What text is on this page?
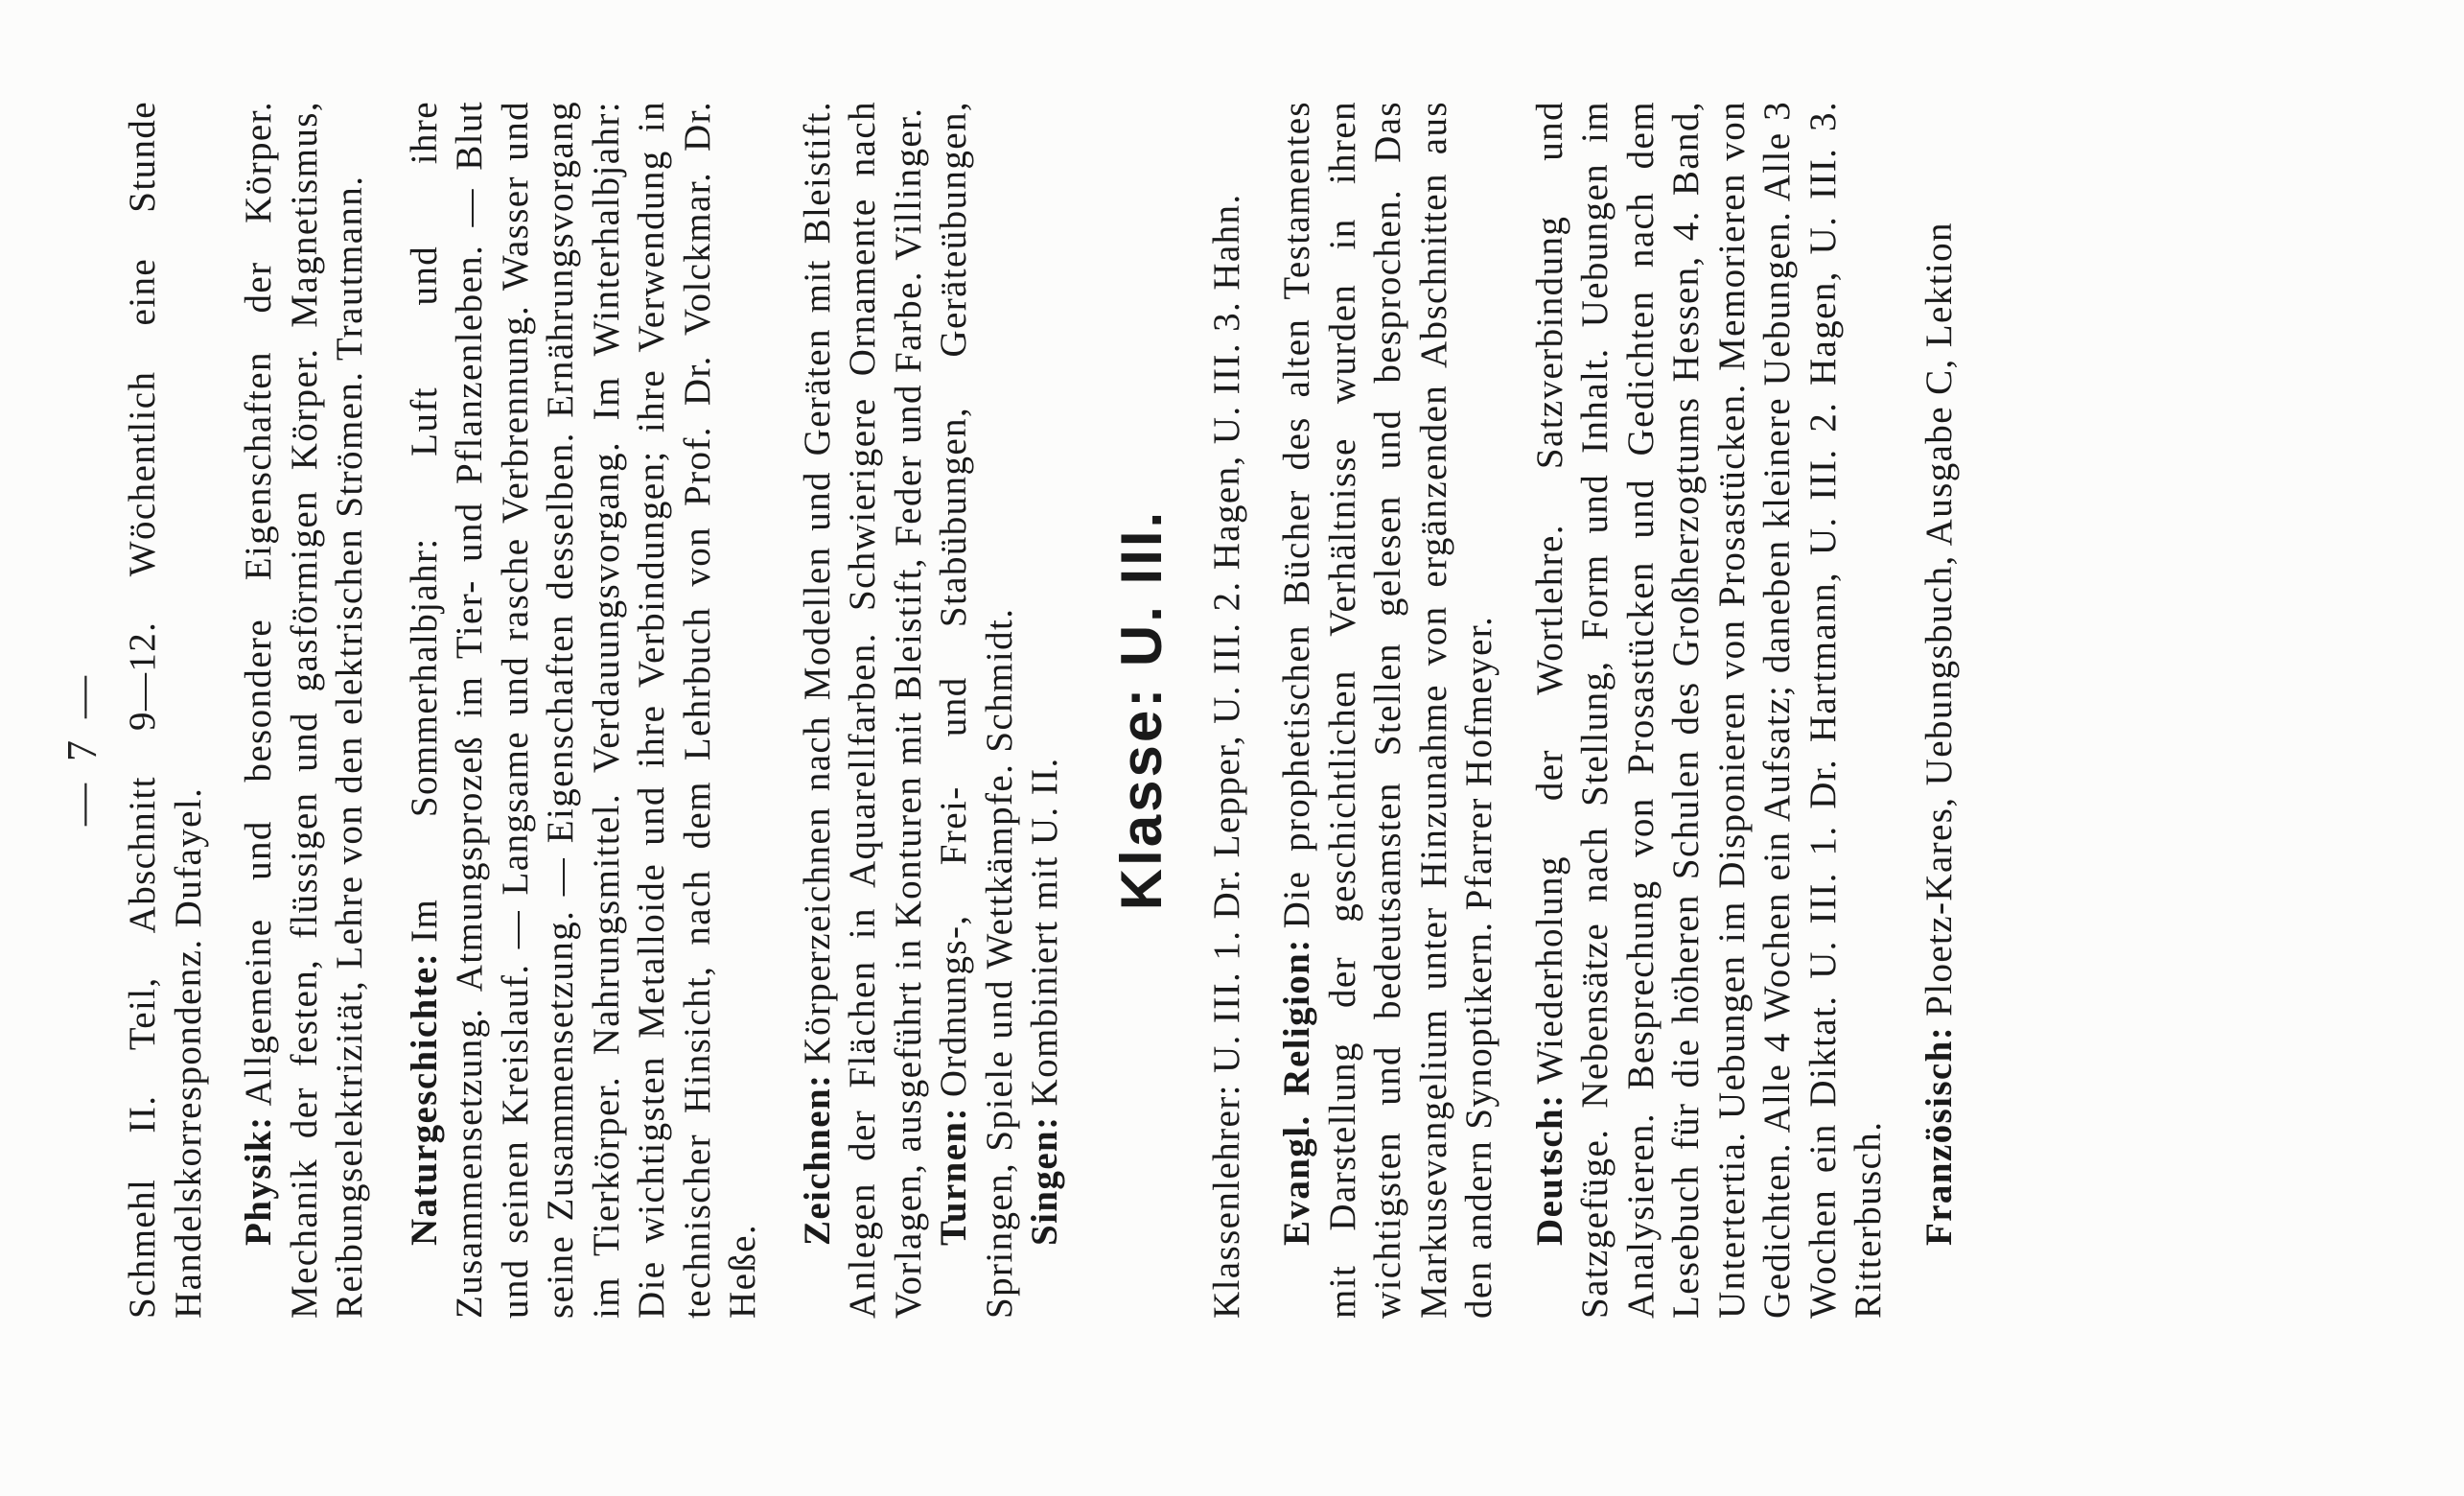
— 7 — Schmehl II. Teil, Abschnitt 9—12. Wöchentlich eine Stunde Handelskorrespondenz. Dufayel. Physik:Allgemeine und besondere Eigenschaften der Körper. Mechanik der festen, flüssigen und gasförmigen Körper. Magnetismus, Reibungselektrizität, Lehre von den elektrischen Strömen. Trautmann. Naturgeschichte:Im Sommerhalbjahr: Luft und ihre Zusammensetzung. Atmungsprozeß im Tier- und Pflanzenleben. — Blut und seinen Kreislauf. — Langsame und rasche Verbrennung. Wasser und seine Zusammensetzung. — Eigenschaften desselben. Ernährungsvorgang im Tierkörper. Nahrungsmittel. Verdauungsvorgang. Im Winterhalbjahr: Die wichtigsten Metalloide und ihre Verbindungen; ihre Verwendung in technischer Hinsicht, nach dem Lehrbuch von Prof. Dr. Volckmar. Dr. Heße.

Zeichnen:Körperzeichnen nach Modellen und Geräten mit Bleistift. Anlegen der Flächen in Aquarellfarben. Schwierigere Ornamente nach Vorlagen, ausgeführt in Konturen mit Bleistift, Feder und Farbe. Villinger. Turnen:Ordnungs-, Frei- und Stabübungen, Geräteübungen, Springen, Spiele und Wettkämpfe. Schmidt. Singen:Kombiniert mit U. II.

Klasse: U. III. Klassenlehrer: U. III. 1. Dr. Lepper, U. III. 2. Hagen, U. III. 3. Hahn. Evangl. Religion:Die prophetischen Bücher des alten Testamentes mit Darstellung der geschichtlichen Verhältnisse wurden in ihren wichtigsten und bedeutsamsten Stellen gelesen und besprochen. Das Markusevangelium unter Hinzunahme von ergänzenden Abschnitten aus den andern Synoptikern. Pfarrer Hofmeyer. Deutsch:Wiederholung der Wortlehre. Satzverbindung und Satzgefüge. Nebensätze nach Stellung, Form und Inhalt. Uebungen im Analysieren. Besprechung von Prosastücken und Gedichten nach dem Lesebuch für die höheren Schulen des Großherzogtums Hessen, 4. Band, Untertertia. Uebungen im Disponieren von Prosastücken. Memorieren von Gedichten. Alle 4 Wochen ein Aufsatz; daneben kleinere Uebungen. Alle 3 Wochen ein Diktat. U. III. 1. Dr. Hartmann, U. III. 2. Hagen, U. III. 3. Ritterbusch. Französisch:Ploetz-Kares, Uebungsbuch, Ausgabe C, Lektion
